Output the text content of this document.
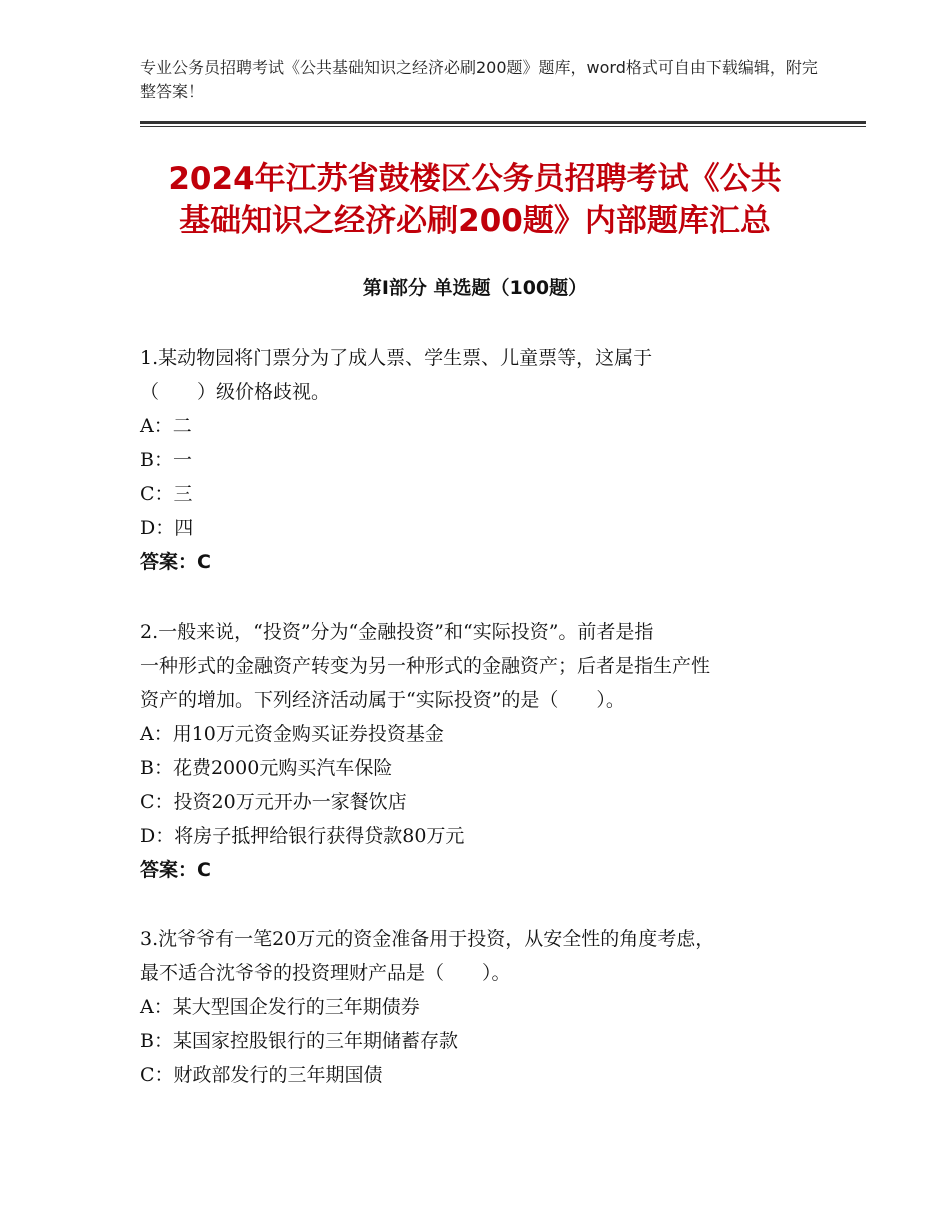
专业公务员招聘考试《公共基础知识之经济必刷200题》题库，word格式可自由下载编辑，附完整答案！
2024年江苏省鼓楼区公务员招聘考试《公共
基础知识之经济必刷200题》内部题库汇总
第Ⅰ部分 单选题（100题）

1.某动物园将门票分为了成人票、学生票、儿童票等，这属于

（　　）级价格歧视。

A：二

B：一

C：三

D：四

答案：C

2.一般来说，“投资”分为“金融投资”和“实际投资”。前者是指

一种形式的金融资产转变为另一种形式的金融资产；后者是指生产性

资产的增加。下列经济活动属于“实际投资”的是（　　）。

A：用10万元资金购买证券投资基金

B：花费2000元购买汽车保险

C：投资20万元开办一家餐饮店

D：将房子抵押给银行获得贷款80万元

答案：C

3.沈爷爷有一笔20万元的资金准备用于投资，从安全性的角度考虑，

最不适合沈爷爷的投资理财产品是（　　）。

A：某大型国企发行的三年期债券

B：某国家控股银行的三年期储蓄存款

C：财政部发行的三年期国债
